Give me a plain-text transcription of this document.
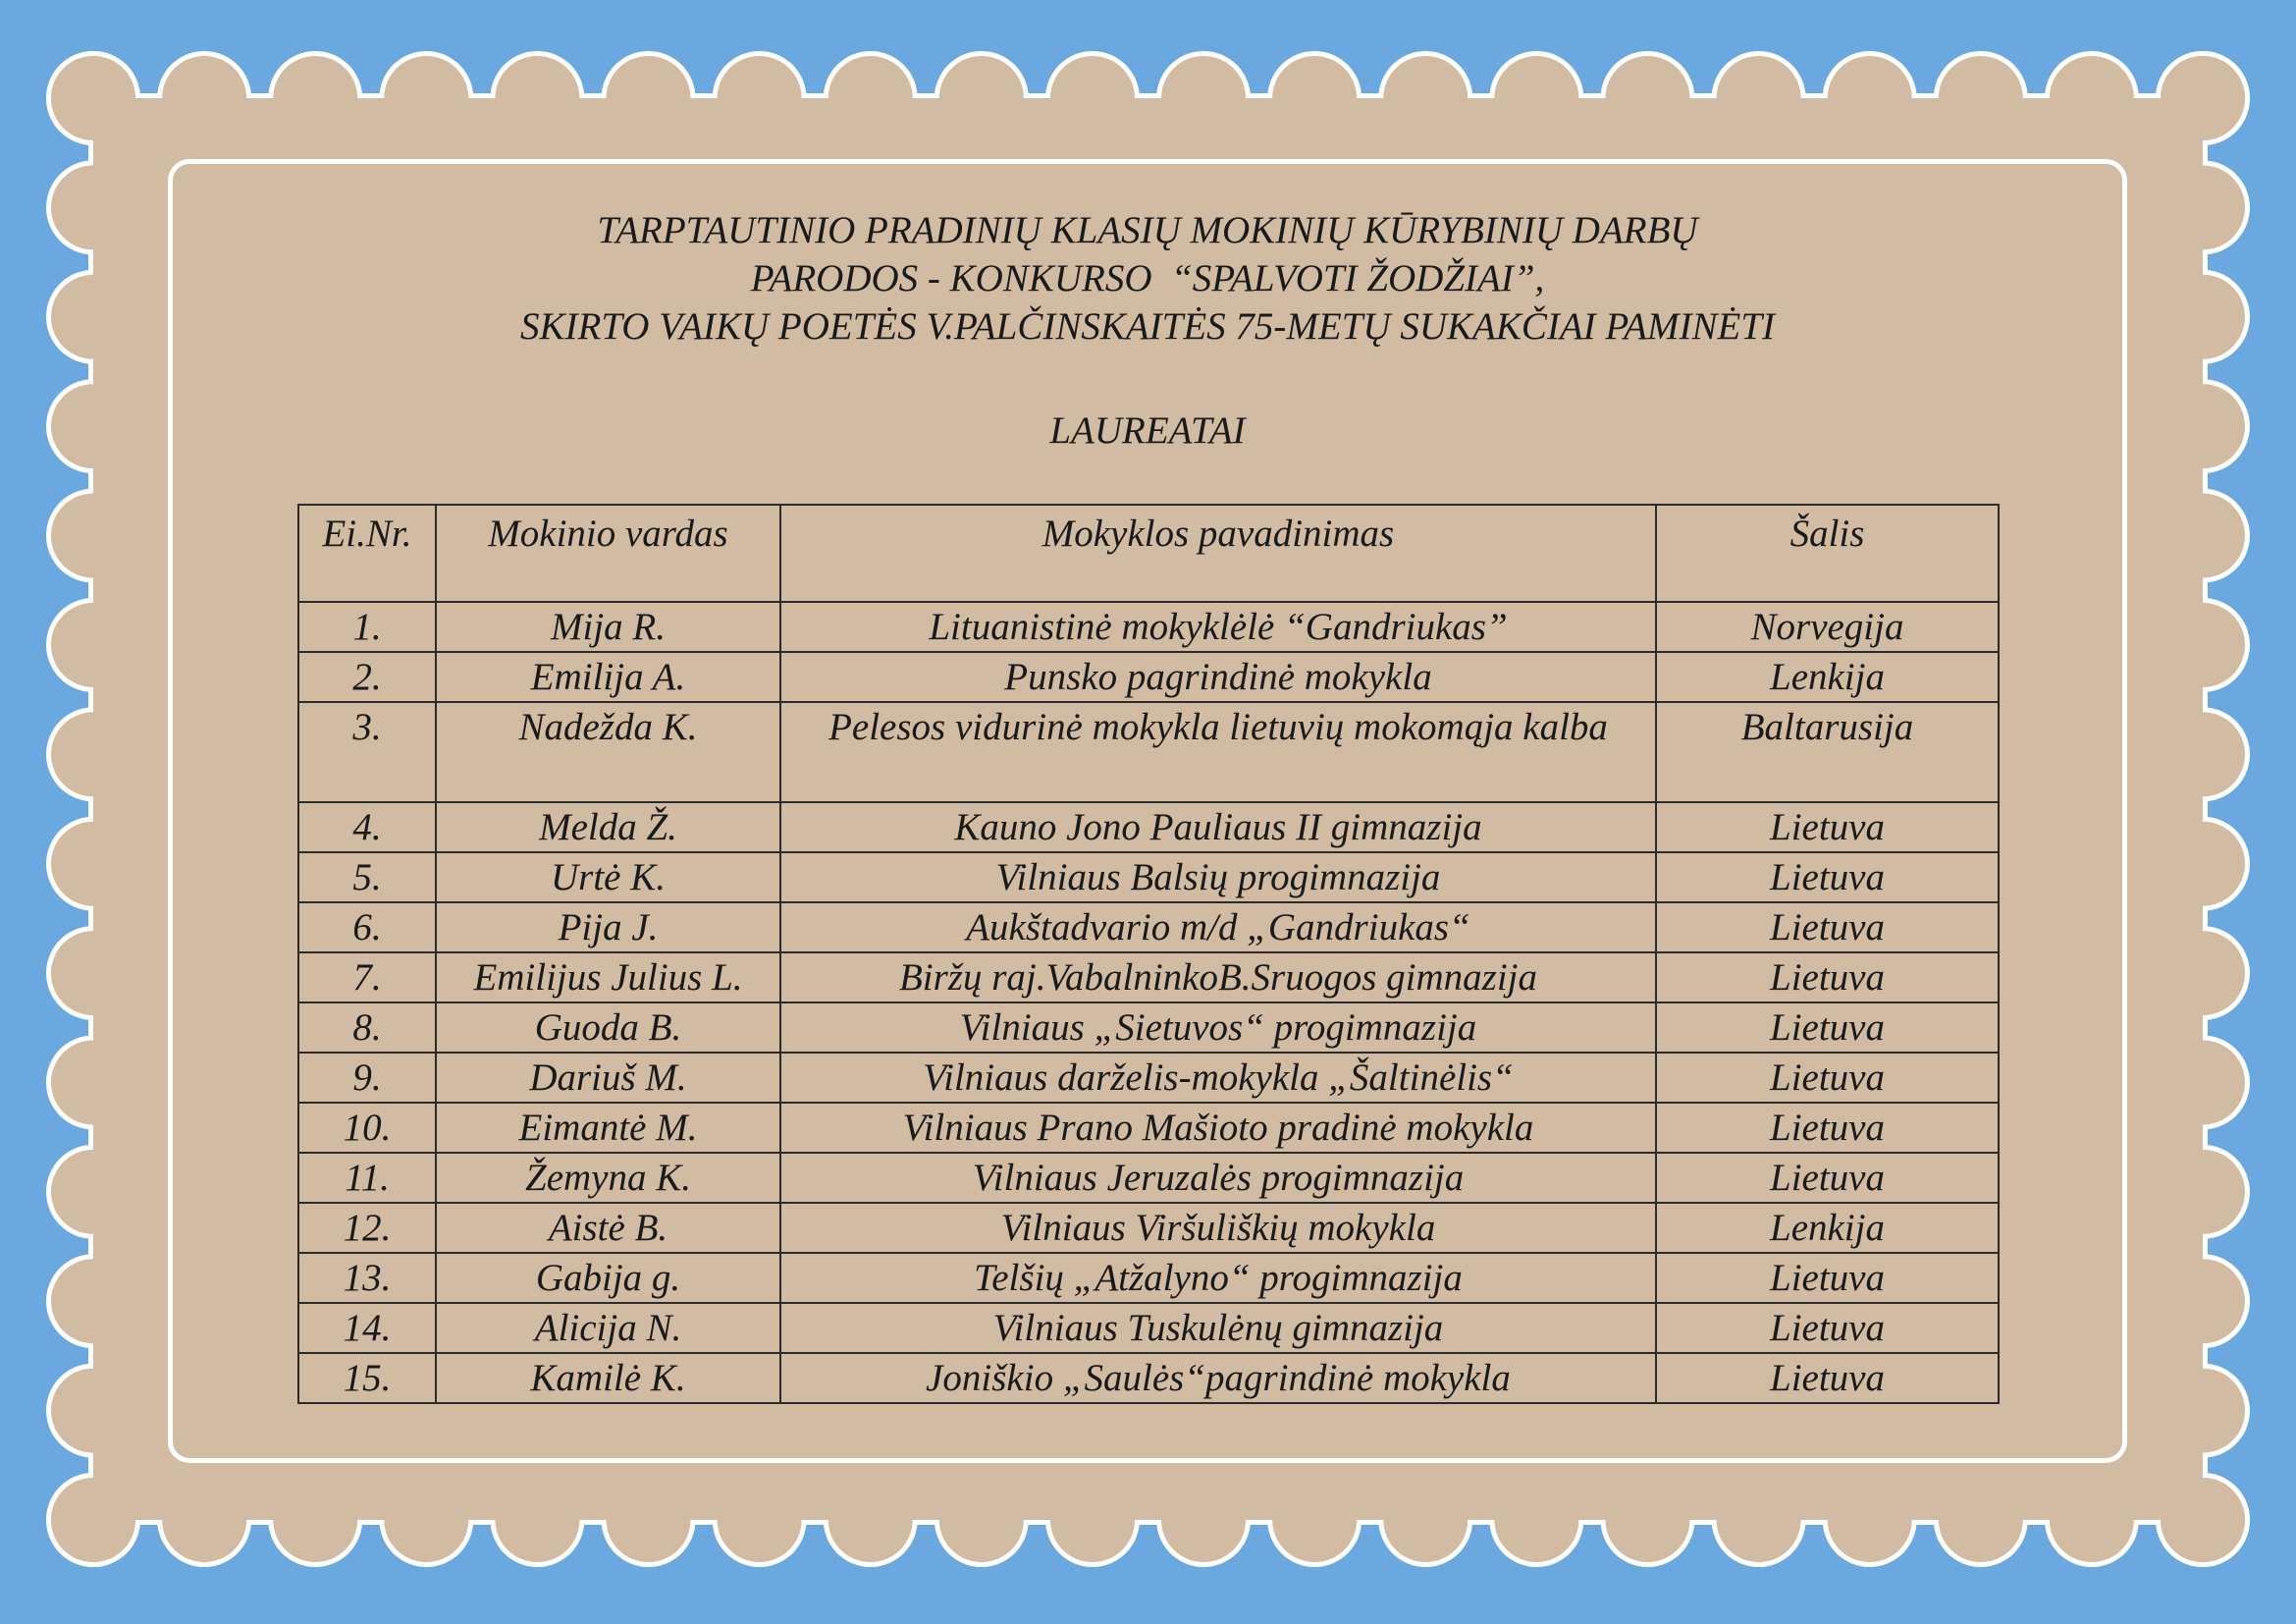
TARPTAUTINIO PRADINIŲ KLASIŲ MOKINIŲ KŪRYBINIŲ DARBŲ
PARODOS - KONKURSO  “SPALVOTI ŽODŽIAI”,
SKIRTO VAIKŲ POETĖS V.PALČINSKAITĖS 75-METŲ SUKAKČIAI PAMINĖTI
LAUREATAI
Ei.Nr.	Mokinio vardas	Mokyklos pavadinimas	Šalis
1.	Mija R.	Lituanistinė mokyklėlė “Gandriukas”	Norvegija
2.	Emilija A.	Punsko pagrindinė mokykla	Lenkija
3.	Nadežda K.	Pelesos vidurinė mokykla lietuvių mokomąja kalba	Baltarusija
4.	Melda Ž.	Kauno Jono Pauliaus II gimnazija	Lietuva
5.	Urtė K.	Vilniaus Balsių progimnazija	Lietuva
6.	Pija J.	Aukštadvario m/d „Gandriukas“	Lietuva
7.	Emilijus Julius L.	Biržų raj.VabalninkoB.Sruogos gimnazija	Lietuva
8.	Guoda B.	Vilniaus „Sietuvos“ progimnazija	Lietuva
9.	Dariuš M.	Vilniaus darželis-mokykla „Šaltinėlis“	Lietuva
10.	Eimantė M.	Vilniaus Prano Mašioto pradinė mokykla	Lietuva
11.	Žemyna K.	Vilniaus Jeruzalės progimnazija	Lietuva
12.	Aistė B.	Vilniaus Viršuliškių mokykla	Lenkija
13.	Gabija g.	Telšių „Atžalyno“ progimnazija	Lietuva
14.	Alicija N.	Vilniaus Tuskulėnų gimnazija	Lietuva
15.	Kamilė K.	Joniškio „Saulės“pagrindinė mokykla	Lietuva
